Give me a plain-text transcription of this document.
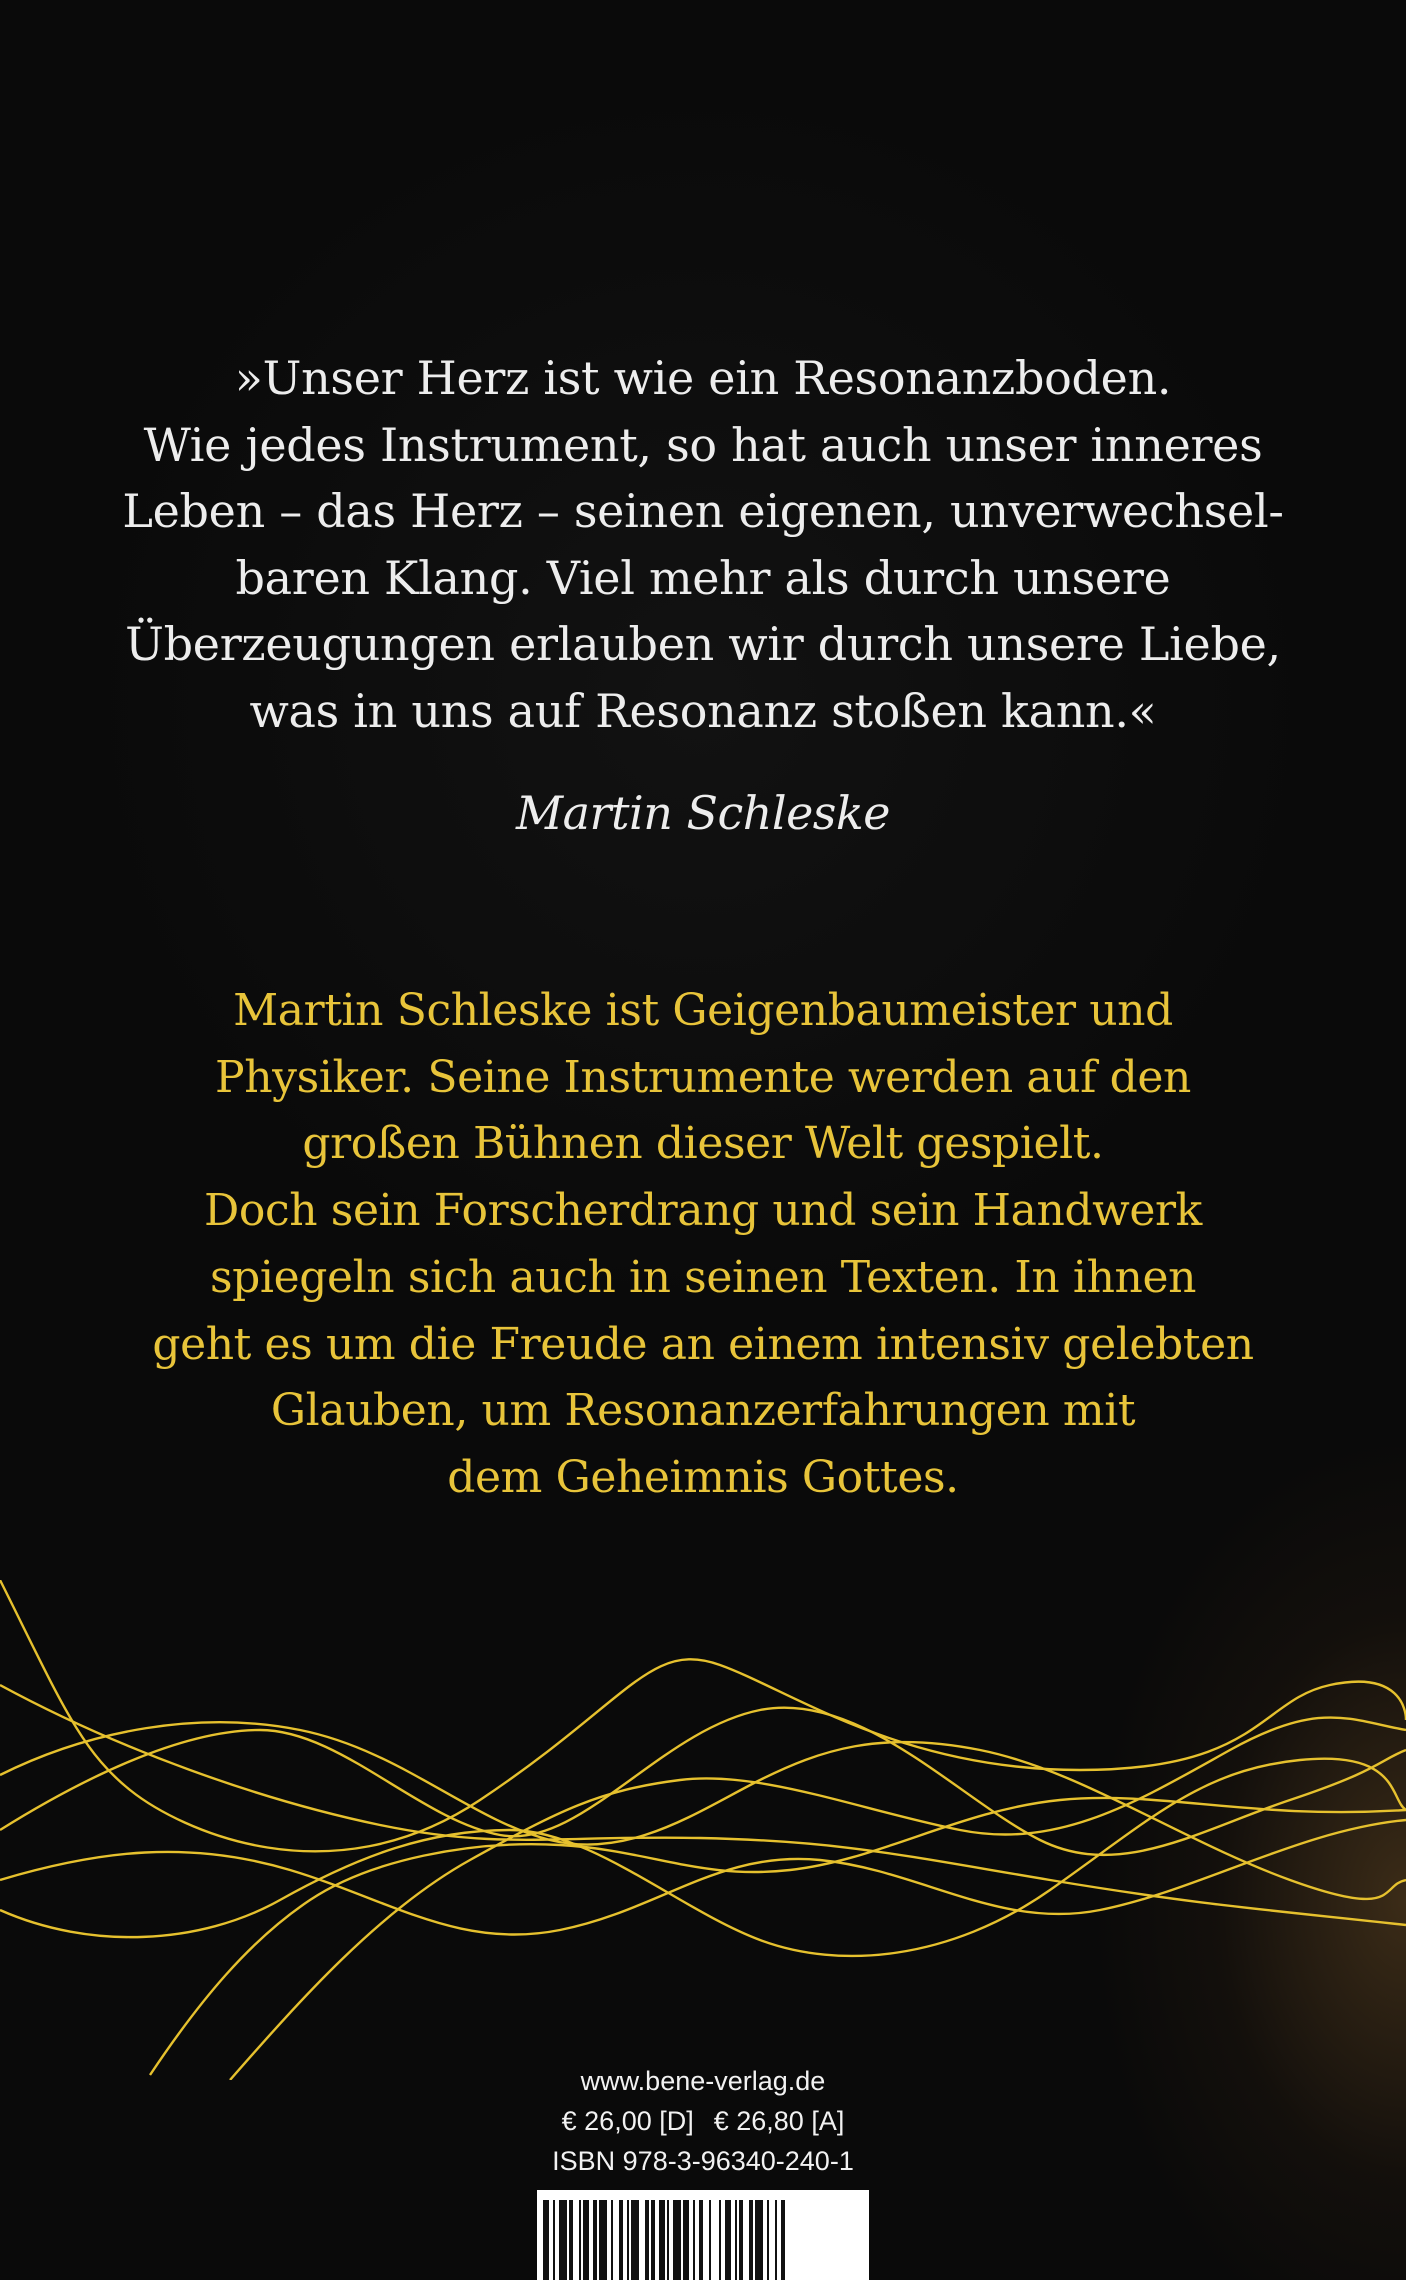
»Unser Herz ist wie ein Resonanzboden.
Wie jedes Instrument, so hat auch unser inneres
Leben – das Herz – seinen eigenen, unverwechsel-
baren Klang. Viel mehr als durch unsere
Überzeugungen erlauben wir durch unsere Liebe,
was in uns auf Resonanz stoßen kann.«

Martin Schleske

Martin Schleske ist Geigenbaumeister und
Physiker. Seine Instrumente werden auf den
großen Bühnen dieser Welt gespielt.
Doch sein Forscherdrang und sein Handwerk
spiegeln sich auch in seinen Texten. In ihnen
geht es um die Freude an einem intensiv gelebten
Glauben, um Resonanzerfahrungen mit
dem Geheimnis Gottes.

www.bene-verlag.de
€ 26,00 [D] € 26,80 [A]
ISBN 978-3-96340-240-1
